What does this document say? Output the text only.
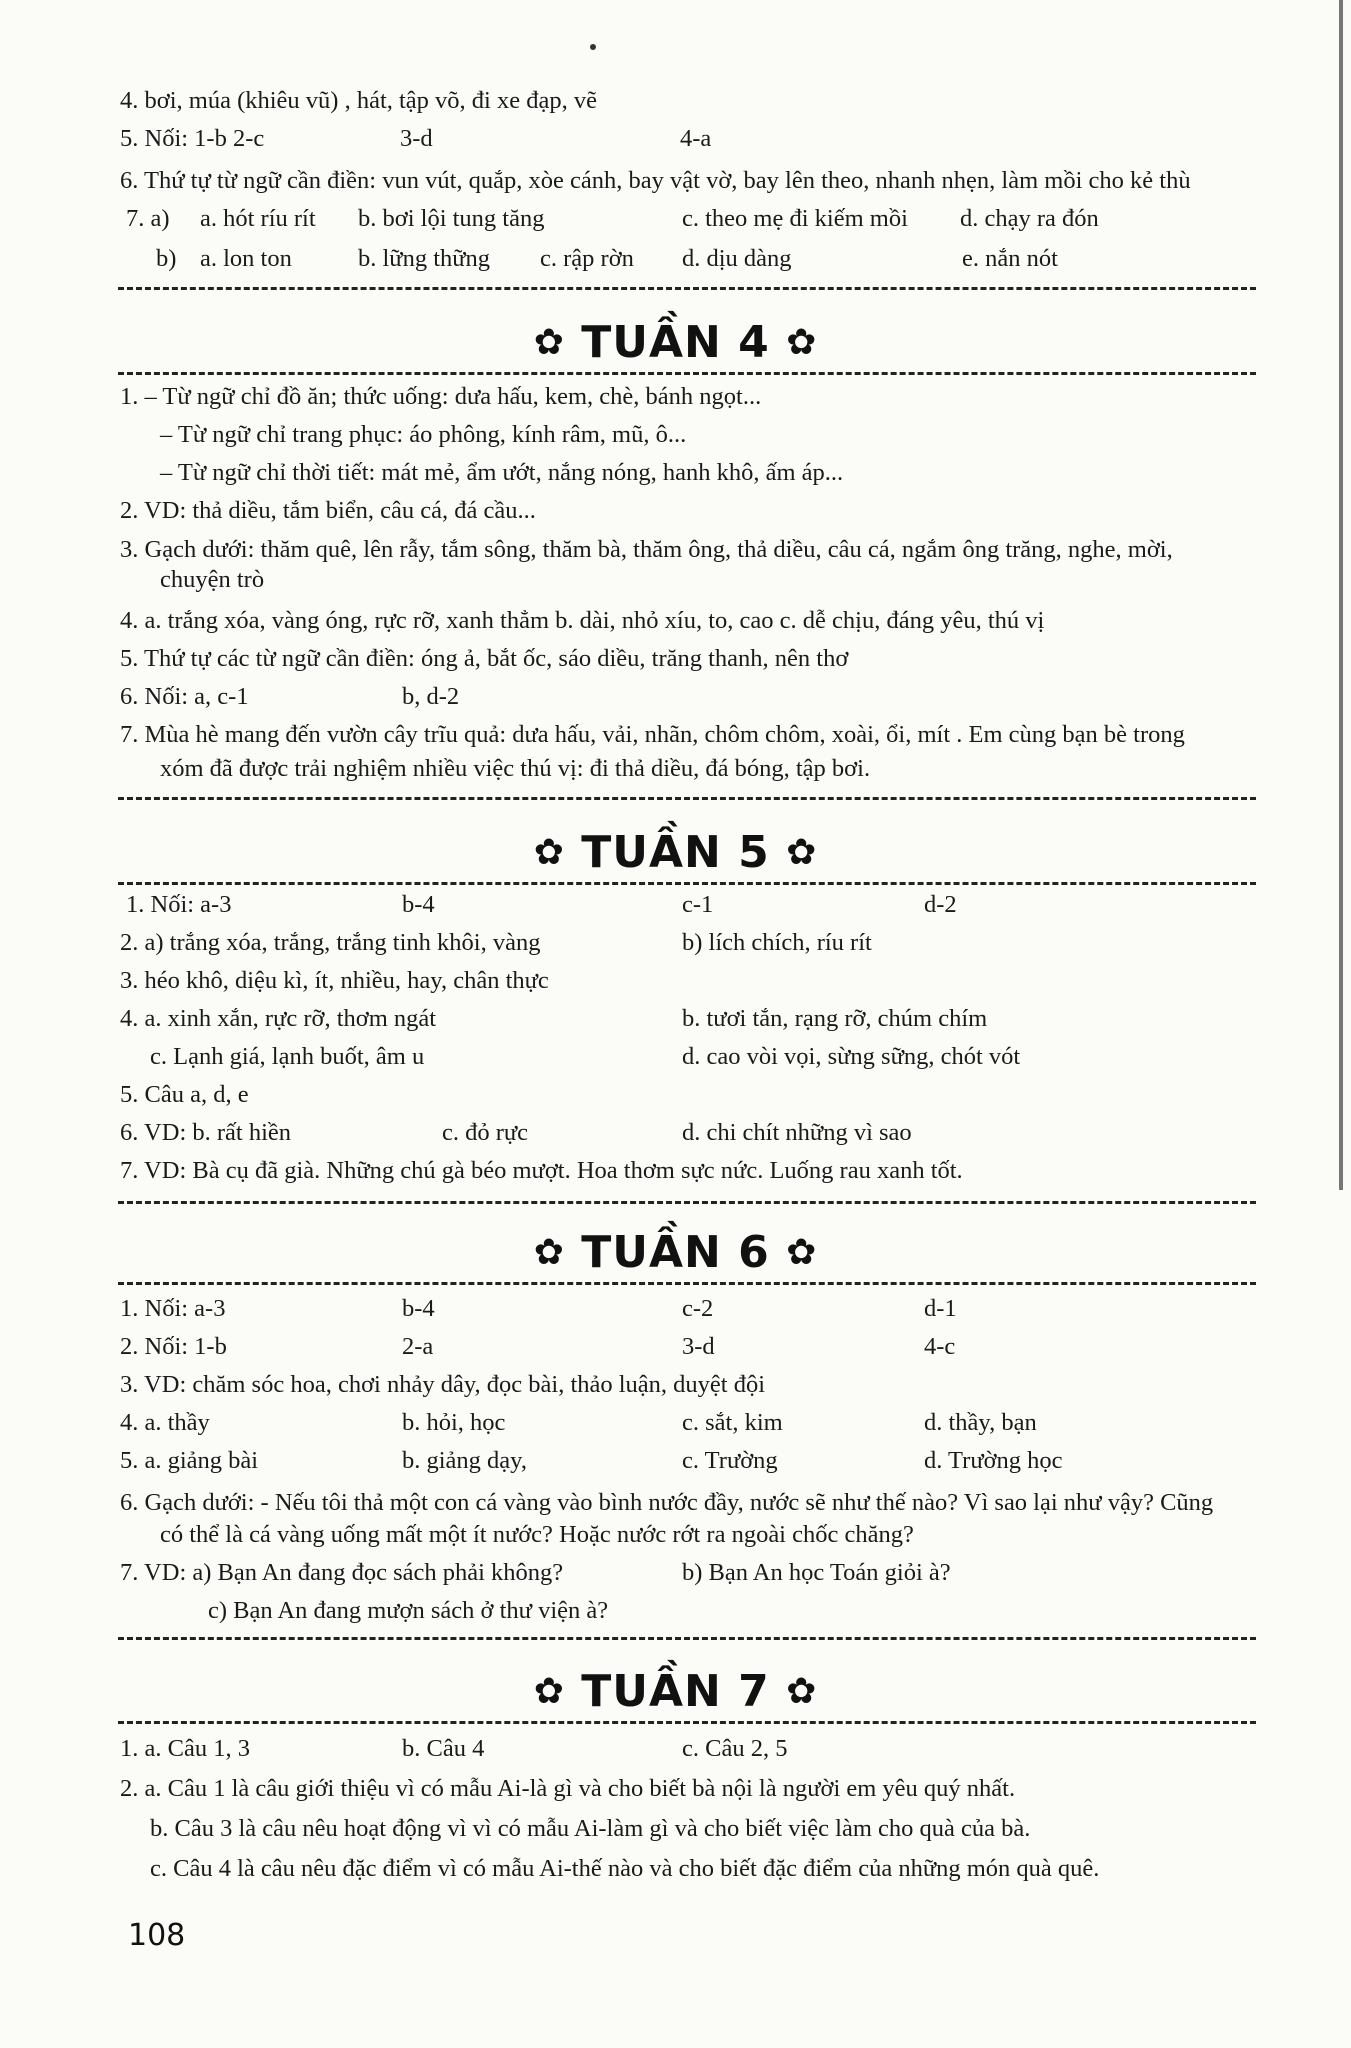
4. bơi, múa (khiêu vũ) , hát, tập võ, đi xe đạp, vẽ
5. Nối: 1-b 2-c	3-d	4-a
6. Thứ tự từ ngữ cần điền: vun vút, quắp, xòe cánh, bay vật vờ, bay lên theo, nhanh nhẹn, làm mồi cho kẻ thù
7. a) a. hót ríu rít b. bơi lội tung tăng	c. theo mẹ đi kiếm mồi d. chạy ra đón
b) a. lon ton	b. lững thững c. rập rờn d. dịu dàng	e. nắn nót
✿ TUẦN 4 ✿
1. – Từ ngữ chỉ đồ ăn; thức uống: dưa hấu, kem, chè, bánh ngọt...
– Từ ngữ chỉ trang phục: áo phông, kính râm, mũ, ô...
– Từ ngữ chỉ thời tiết: mát mẻ, ẩm ướt, nắng nóng, hanh khô, ấm áp...
2. VD: thả diều, tắm biển, câu cá, đá cầu...
3. Gạch dưới: thăm quê, lên rẫy, tắm sông, thăm bà, thăm ông, thả diều, câu cá, ngắm ông trăng, nghe, mời,
chuyện trò
4. a. trắng xóa, vàng óng, rực rỡ, xanh thẳm b. dài, nhỏ xíu, to, cao c. dễ chịu, đáng yêu, thú vị
5. Thứ tự các từ ngữ cần điền: óng ả, bắt ốc, sáo diều, trăng thanh, nên thơ
6. Nối: a, c-1	b, d-2
7. Mùa hè mang đến vườn cây trĩu quả: dưa hấu, vải, nhãn, chôm chôm, xoài, ổi, mít . Em cùng bạn bè trong
xóm đã được trải nghiệm nhiều việc thú vị: đi thả diều, đá bóng, tập bơi.
✿ TUẦN 5 ✿
1. Nối: a-3	b-4	c-1	d-2
2. a) trắng xóa, trắng, trắng tinh khôi, vàng	b) lích chích, ríu rít
3. héo khô, diệu kì, ít, nhiều, hay, chân thực
4. a. xinh xắn, rực rỡ, thơm ngát	b. tươi tắn, rạng rỡ, chúm chím
c. Lạnh giá, lạnh buốt, âm u	d. cao vòi vọi, sừng sững, chót vót
5. Câu a, d, e
6. VD: b. rất hiền	c. đỏ rực	d. chi chít những vì sao
7. VD: Bà cụ đã già. Những chú gà béo mượt. Hoa thơm sực nức. Luống rau xanh tốt.
✿ TUẦN 6 ✿
1. Nối: a-3	b-4	c-2	d-1
2. Nối: 1-b	2-a	3-d	4-c
3. VD: chăm sóc hoa, chơi nhảy dây, đọc bài, thảo luận, duyệt đội
4. a. thầy	b. hỏi, học	c. sắt, kim	d. thầy, bạn
5. a. giảng bài	b. giảng dạy,	c. Trường	d. Trường học
6. Gạch dưới: - Nếu tôi thả một con cá vàng vào bình nước đầy, nước sẽ như thế nào? Vì sao lại như vậy? Cũng
có thể là cá vàng uống mất một ít nước? Hoặc nước rớt ra ngoài chốc chăng?
7. VD: a) Bạn An đang đọc sách phải không?	b) Bạn An học Toán giỏi à?
c) Bạn An đang mượn sách ở thư viện à?
✿ TUẦN 7 ✿
1. a. Câu 1, 3	b. Câu 4	c. Câu 2, 5
2. a. Câu 1 là câu giới thiệu vì có mẫu Ai-là gì và cho biết bà nội là người em yêu quý nhất.
b. Câu 3 là câu nêu hoạt động vì vì có mẫu Ai-làm gì và cho biết việc làm cho quà của bà.
c. Câu 4 là câu nêu đặc điểm vì có mẫu Ai-thế nào và cho biết đặc điểm của những món quà quê.
108
